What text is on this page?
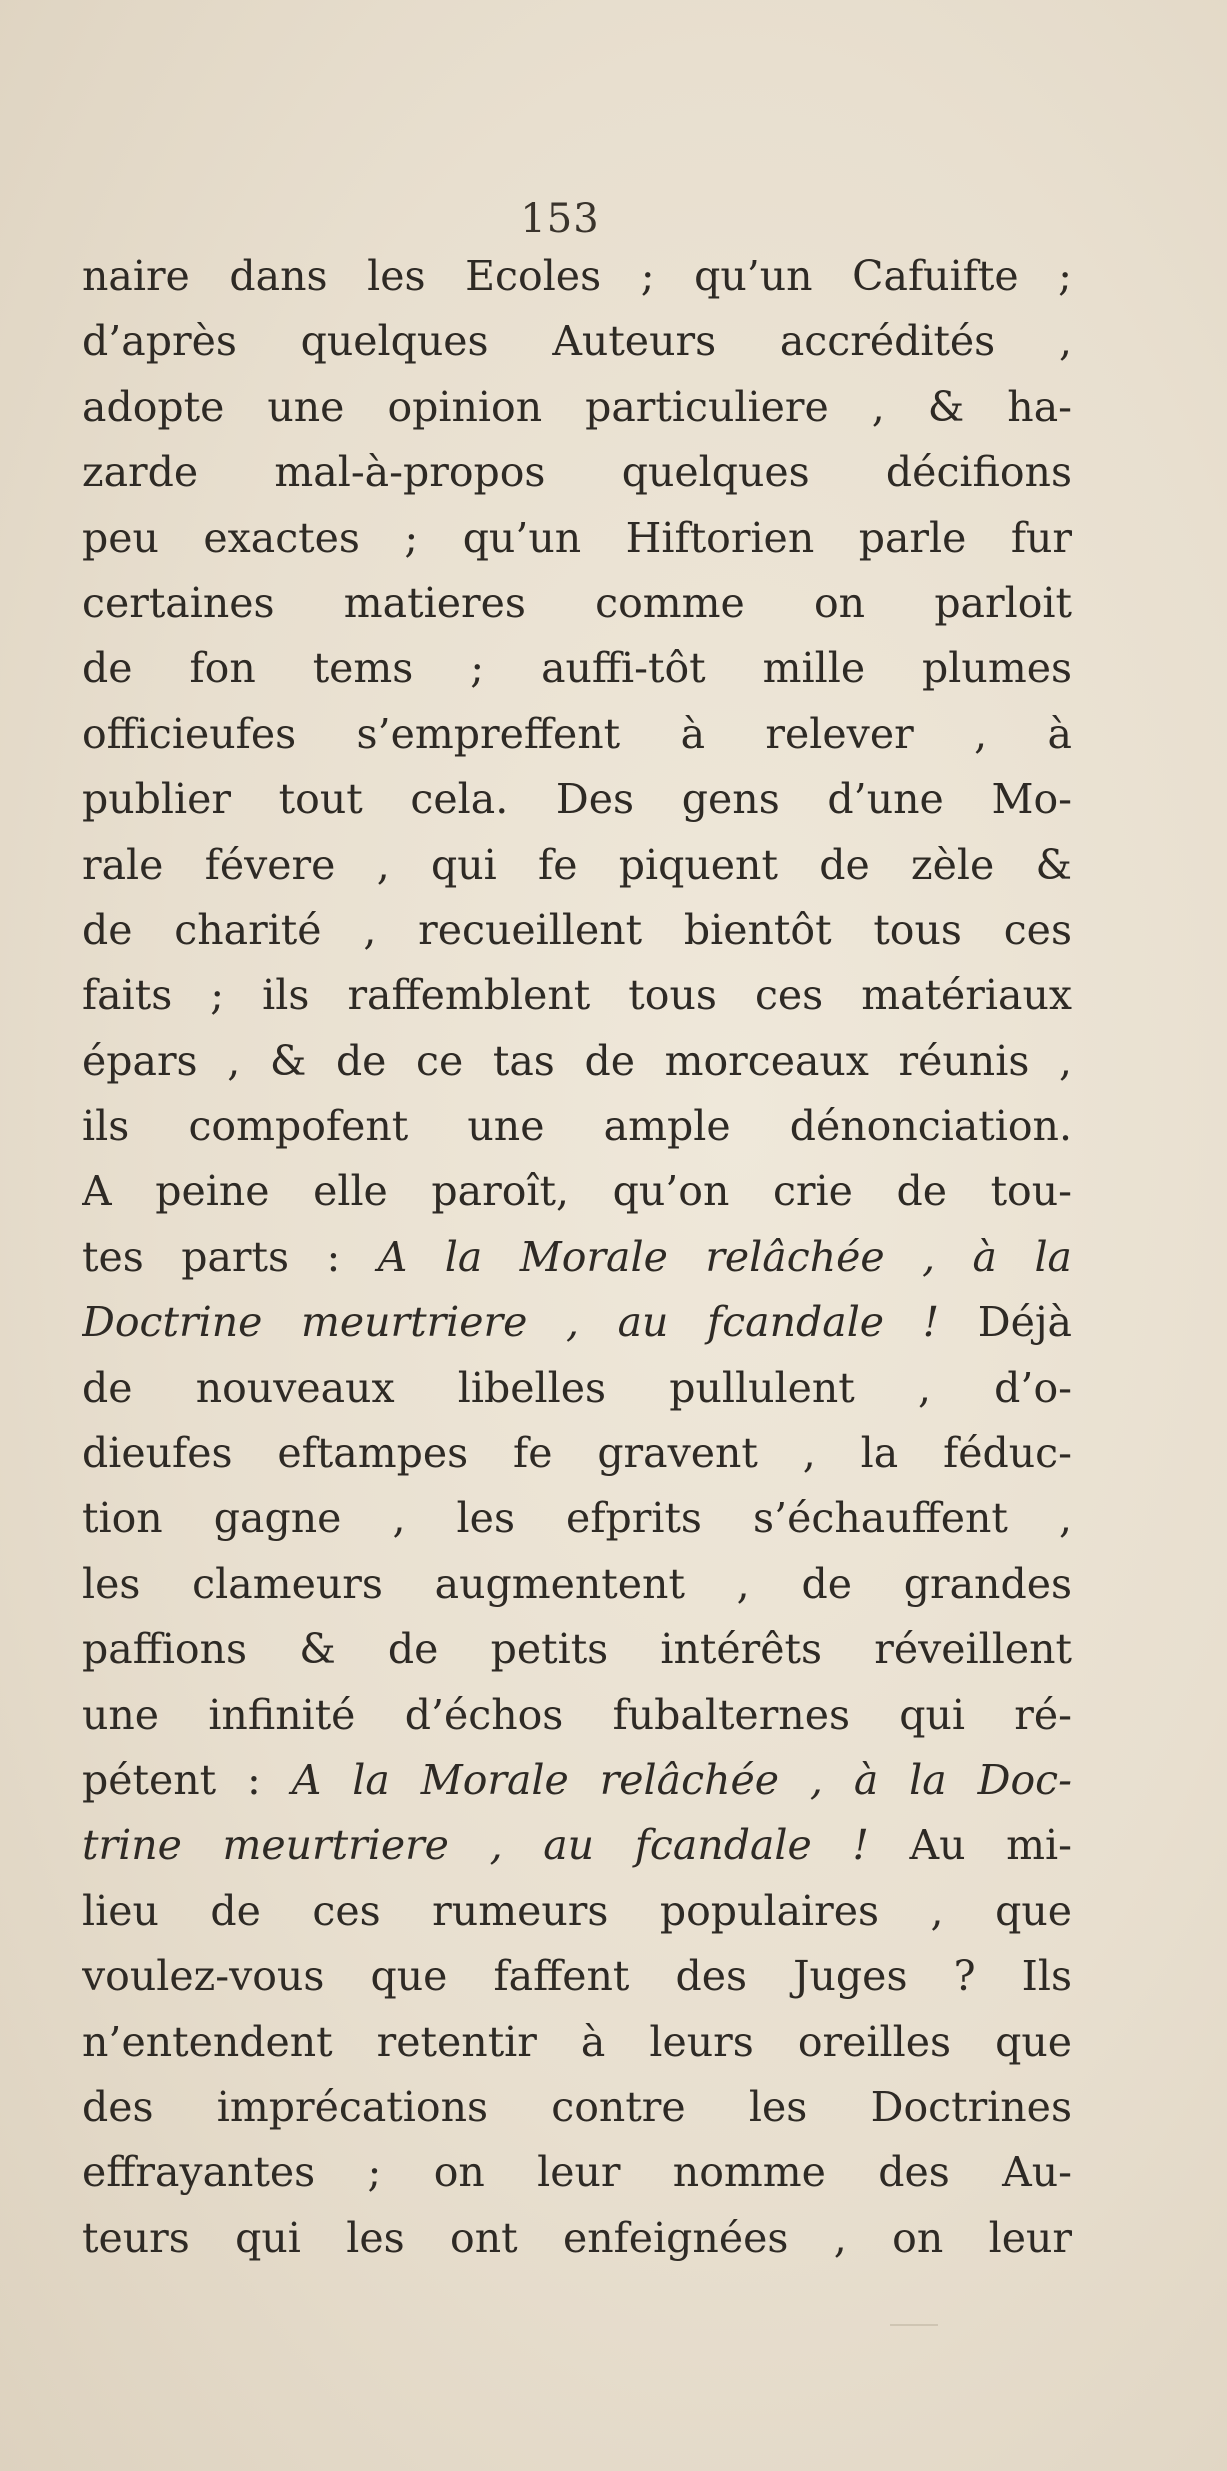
153
naire dans les Ecoles ; qu’un Cafuifte ;
d’après quelques Auteurs accrédités ,
adopte une opinion particuliere , & ha-
zarde mal-à-propos quelques décifions
peu exactes ; qu’un Hiftorien parle fur
certaines matieres comme on parloit
de fon tems ; auffi-tôt mille plumes
officieufes s’empreffent à relever , à
publier tout cela. Des gens d’une Mo-
rale févere , qui fe piquent de zèle &
de charité , recueillent bientôt tous ces
faits ; ils raffemblent tous ces matériaux
épars , & de ce tas de morceaux réunis ,
ils compofent une ample dénonciation.
A peine elle paroît, qu’on crie de tou-
tes parts : A la Morale relâchée , à la
Doctrine meurtriere , au fcandale ! Déjà
de nouveaux libelles pullulent , d’o-
dieufes eftampes fe gravent , la féduc-
tion gagne , les efprits s’échauffent ,
les clameurs augmentent , de grandes
paffions & de petits intérêts réveillent
une infinité d’échos fubalternes qui ré-
pétent : A la Morale relâchée , à la Doc-
trine meurtriere , au fcandale ! Au mi-
lieu de ces rumeurs populaires , que
voulez-vous que faffent des Juges ? Ils
n’entendent retentir à leurs oreilles que
des imprécations contre les Doctrines
effrayantes ; on leur nomme des Au-
teurs qui les ont enfeignées , on leur
